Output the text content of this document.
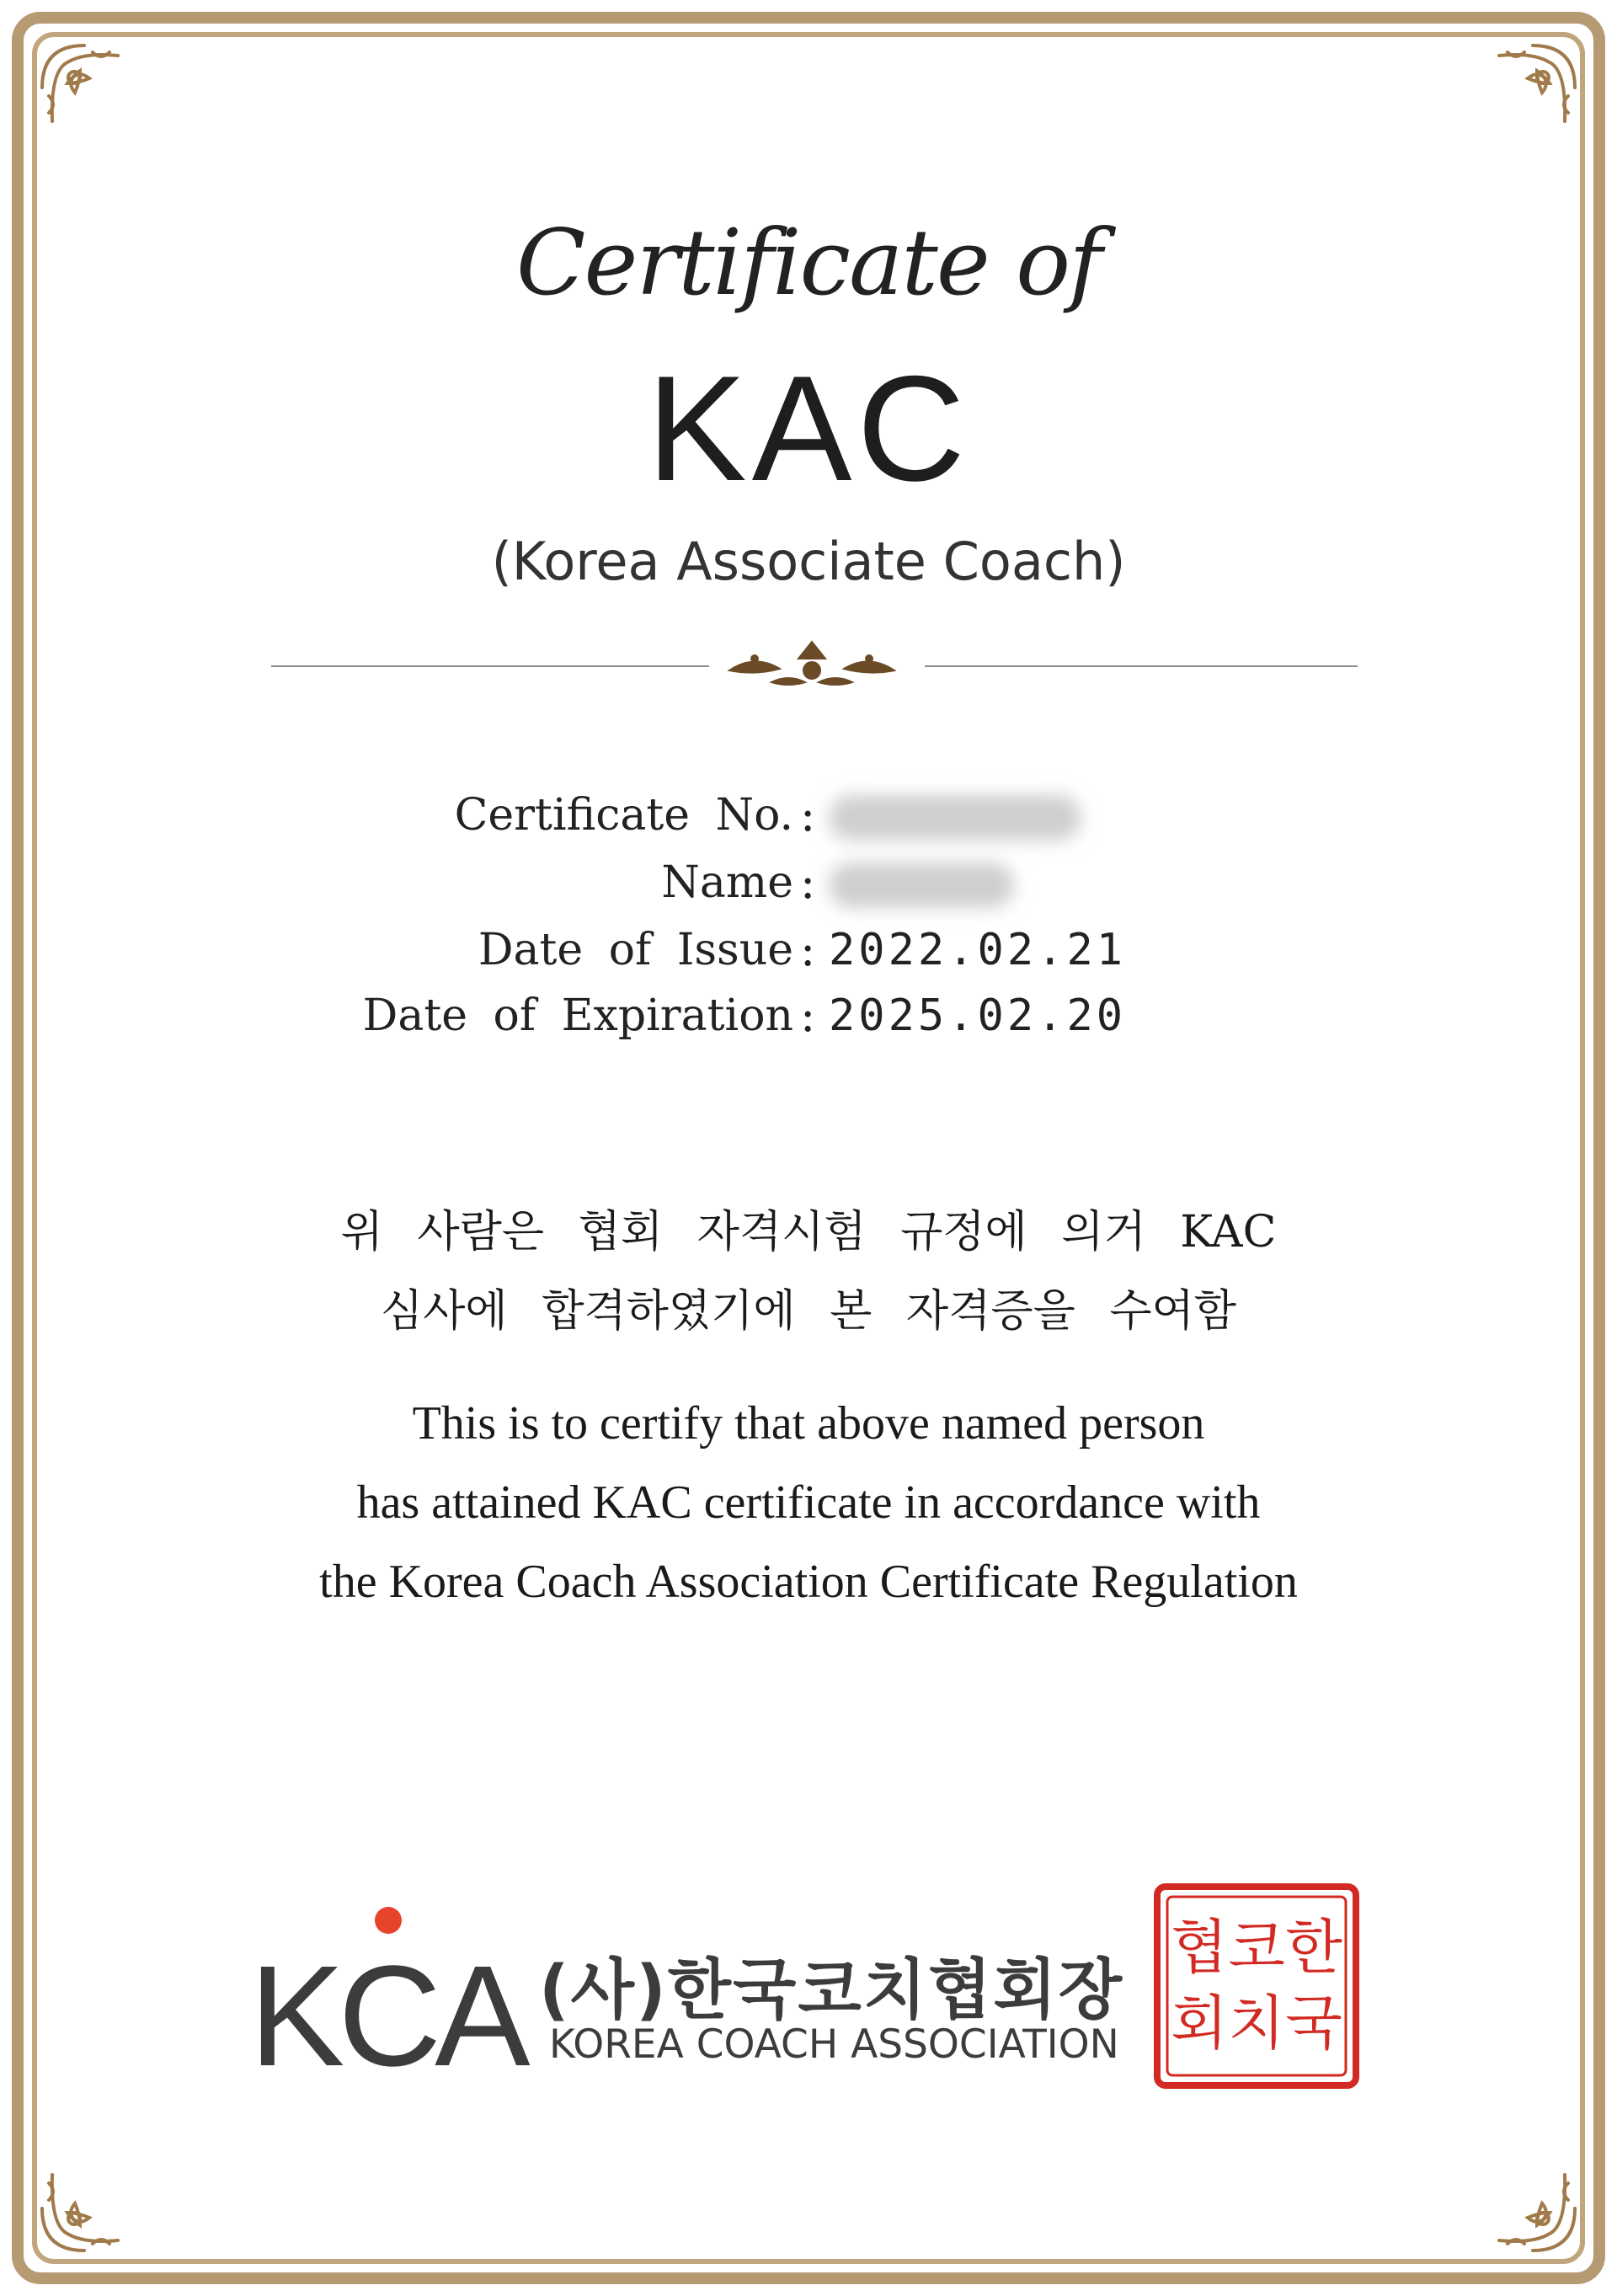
Certificate of
KAC
(Korea Associate Coach)
Certificate No. :
Name :
Date of Issue : 2022.02.21
Date of Expiration : 2025.02.20
위 사람은 협회 자격시험 규정에 의거 KAC
심사에 합격하였기에 본 자격증을 수여함
This is to certify that above named person
has attained KAC certificate in accordance with
the Korea Coach Association Certificate Regulation
KCA (사)한국코치협회장
KOREA COACH ASSOCIATION
한
국
코
치
협
회
